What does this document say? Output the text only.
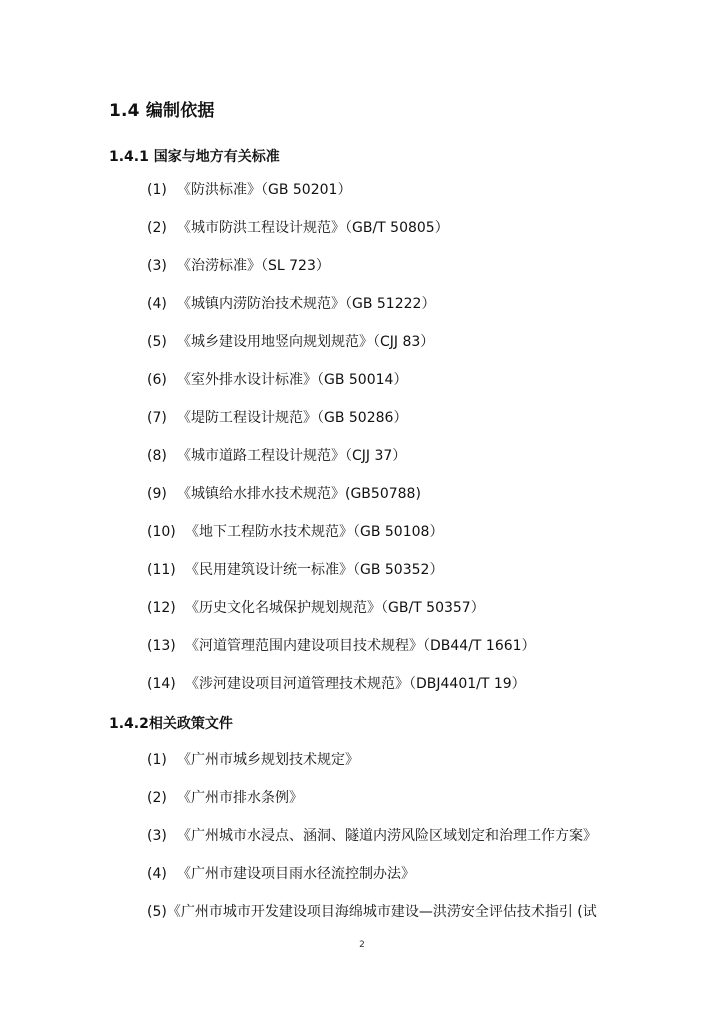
1.4 编制依据
1.4.1 国家与地方有关标准
(1) 《防洪标准》（GB 50201）
(2) 《城市防洪工程设计规范》（GB/T 50805）
(3) 《治涝标准》（SL 723）
(4) 《城镇内涝防治技术规范》（GB 51222）
(5) 《城乡建设用地竖向规划规范》（CJJ 83）
(6) 《室外排水设计标准》（GB 50014）
(7) 《堤防工程设计规范》（GB 50286）
(8) 《城市道路工程设计规范》（CJJ 37）
(9) 《城镇给水排水技术规范》(GB50788)
(10) 《地下工程防水技术规范》（GB 50108）
(11) 《民用建筑设计统一标准》（GB 50352）
(12) 《历史文化名城保护规划规范》（GB/T 50357）
(13) 《河道管理范围内建设项目技术规程》（DB44/T 1661）
(14) 《涉河建设项目河道管理技术规范》（DBJ4401/T 19）
1.4.2相关政策文件
(1) 《广州市城乡规划技术规定》
(2) 《广州市排水条例》
(3) 《广州城市水浸点、涵洞、隧道内涝风险区域划定和治理工作方案》
(4) 《广州市建设项目雨水径流控制办法》
(5)《广州市城市开发建设项目海绵城市建设—洪涝安全评估技术指引 (试
2
